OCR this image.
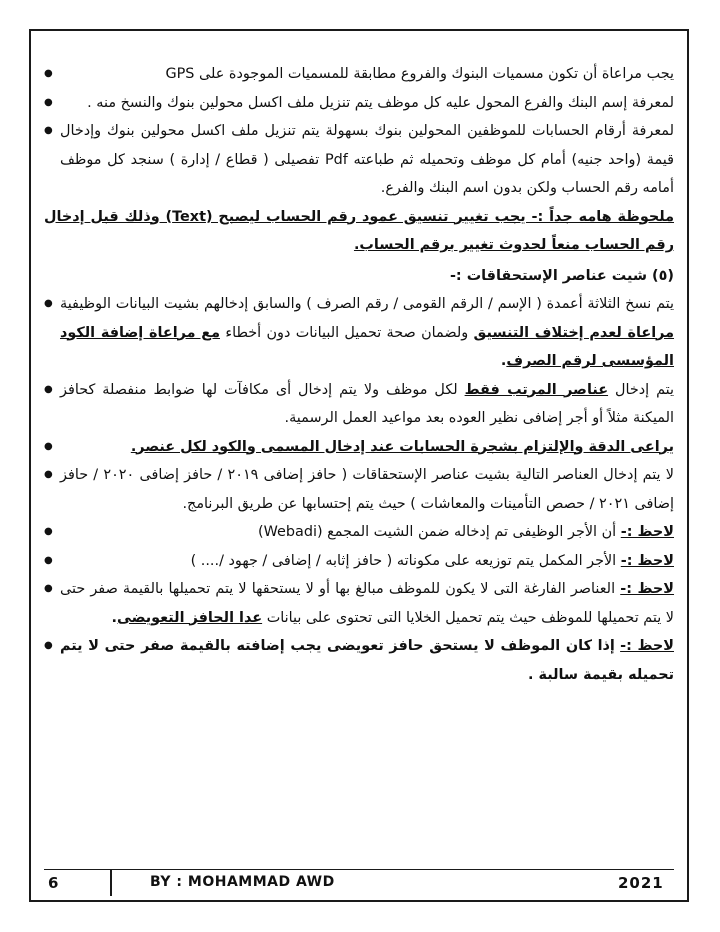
يجب مراعاة أن تكون مسميات البنوك والفروع مطابقة للمسميات الموجودة على GPS ●
لمعرفة إسم البنك والفرع المحول عليه كل موظف يتم تنزيل ملف اكسل محولين بنوك والنسخ منه . ●
لمعرفة أرقام الحسابات للموظفين المحولين بنوك بسهولة يتم تنزيل ملف اكسل محولين بنوك وإدخال قيمة (واحد جنيه) أمام كل موظف وتحميله ثم طباعته Pdf تفصيلى ( قطاع / إدارة ) سنجد كل موظف أمامه رقم الحساب ولكن بدون اسم البنك والفرع. ●

ملحوظة هامه جداً :- يجب تغيير تنسيق عمود رقم الحساب ليصبح (Text) وذلك قبل إدخال رقم الحساب منعاً لحدوث تغيير برقم الحساب.

(٥) شيت عناصر الإستحقاقات :-

يتم نسخ الثلاثة أعمدة ( الإسم / الرقم القومى / رقم الصرف ) والسابق إدخالهم بشيت البيانات الوظيفية مراعاة لعدم إختلاف التنسيق ولضمان صحة تحميل البيانات دون أخطاء مع مراعاة إضافة الكود المؤسسى لرقم الصرف. ●
يتم إدخال عناصر المرتب فقط لكل موظف ولا يتم إدخال أى مكافآت لها ضوابط منفصلة كحافز الميكنة مثلاً أو أجر إضافى نظير العوده بعد مواعيد العمل الرسمية. ●
يراعى الدقة والإلتزام بشجرة الحسابات عند إدخال المسمى والكود لكل عنصر. ●
لا يتم إدخال العناصر التالية بشيت عناصر الإستحقاقات ( حافز إضافى ٢٠١٩ / حافز إضافى ٢٠٢٠ / حافز إضافى ٢٠٢١ / حصص التأمينات والمعاشات ) حيث يتم إحتسابها عن طريق البرنامج. ●
لاحظ :- أن الأجر الوظيفى تم إدخاله ضمن الشيت المجمع (Webadi) ●
لاحظ :- الأجر المكمل يتم توزيعه على مكوناته ( حافز إثابه / إضافى / جهود /.... ) ●
لاحظ :- العناصر الفارغة التى لا يكون للموظف مبالغ بها أو لا يستحقها لا يتم تحميلها بالقيمة صفر حتى لا يتم تحميلها للموظف حيث يتم تحميل الخلايا التى تحتوى على بيانات عدا الحافز التعويضى. ●
لاحظ :- إذا كان الموظف لا يستحق حافز تعويضى يجب إضافته بالقيمة صفر حتى لا يتم تحميله بقيمة سالبة . ●
6	BY : MOHAMMAD AWD	2021
